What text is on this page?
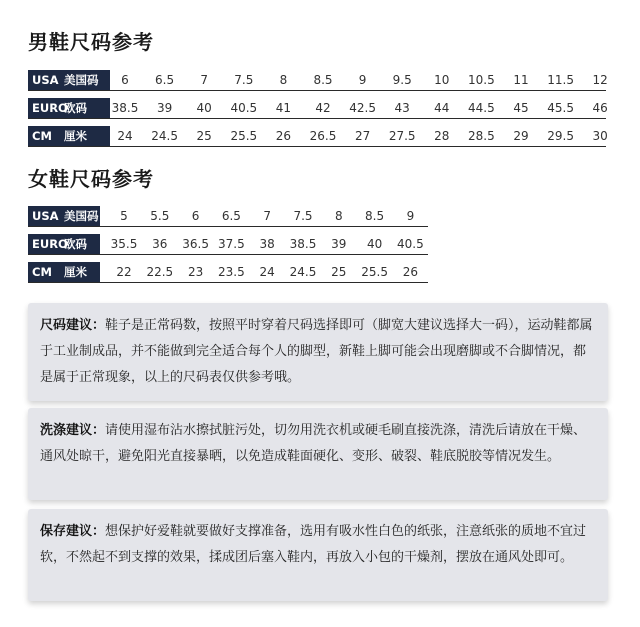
男鞋尺码参考
USA 美国码 6 6.5 7 7.5 8 8.5 9 9.5 10 10.5 11 11.5 12
EURO
欧码 38.5 39 40 40.5 41 42 42.5 43 44 44.5 45 45.5 46
CM 厘米	24 24.5 25 25.5 26 26.5 27 27.5 28 28.5 29 29.5 30
女鞋尺码参考
USA 美国码 5 5.5 6 6.5 7 7.5 8 8.5 9
EURO
欧码 35.5 36 36.5 37.5 38 38.5 39 40 40.5
CM 厘米 22 22.5 23 23.5 24 24.5 25 25.5 26
尺码建议：鞋子是正常码数，按照平时穿着尺码选择即可（脚宽大建议选择大一码），运动鞋都属于工业制成品，并不能做到完全适合每个人的脚型，新鞋上脚可能会出现磨脚或不合脚情况，都是属于正常现象，以上的尺码表仅供参考哦。
洗涤建议：请使用湿布沾水擦拭脏污处，切勿用洗衣机或硬毛刷直接洗涤，清洗后请放在干燥、通风处晾干，避免阳光直接暴晒，以免造成鞋面硬化、变形、破裂、鞋底脱胶等情况发生。
保存建议：想保护好爱鞋就要做好支撑准备，选用有吸水性白色的纸张，注意纸张的质地不宜过软，不然起不到支撑的效果，揉成团后塞入鞋内，再放入小包的干燥剂，摆放在通风处即可。
